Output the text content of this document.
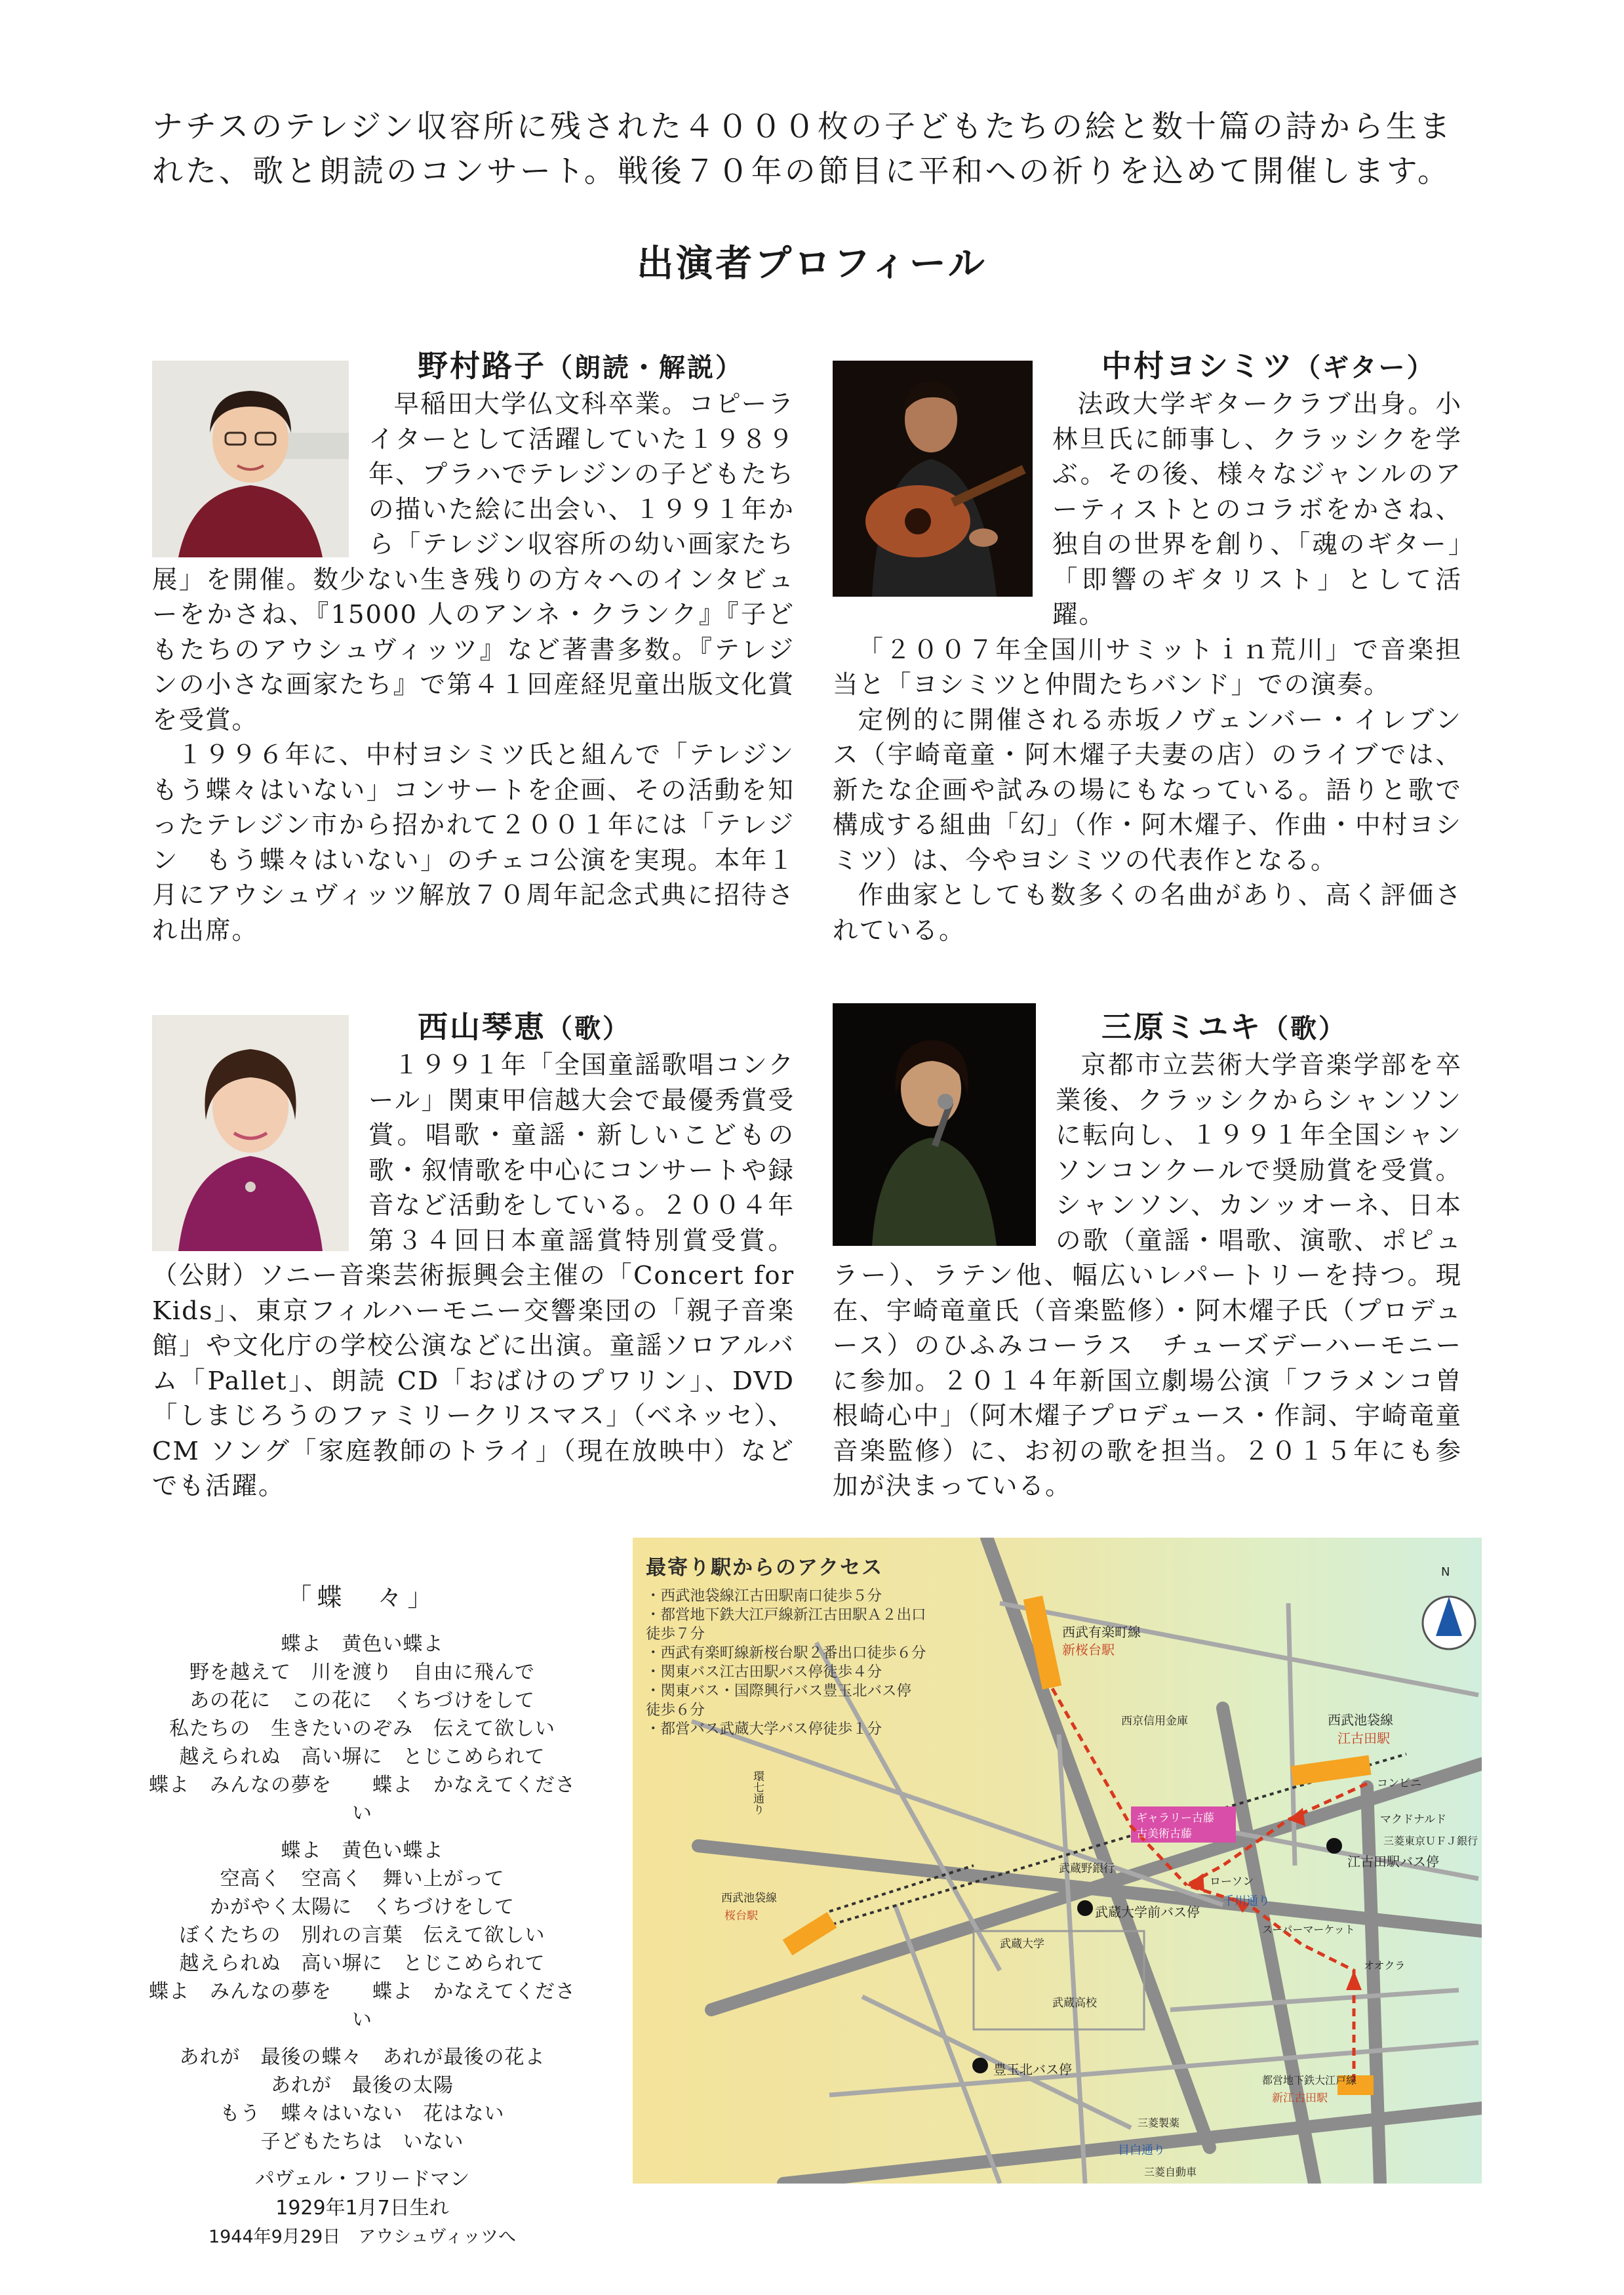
ナチスのテレジン収容所に残された４０００枚の子どもたちの絵と数十篇の詩から生まれた、歌と朗読のコンサート。戦後７０年の節目に平和への祈りを込めて開催します。

出演者プロフィール
野村路子（朗読・解説）
早稲田大学仏文科卒業。コピーライターとして活躍していた１９８９年、プラハでテレジンの子どもたちの描いた絵に出会い、１９９１年から「テレジン収容所の幼い画家たち展」を開催。数少ない生き残りの方々へのインタビューをかさね、『15000 人のアンネ・クランク』『子どもたちのアウシュヴィッツ』など著書多数。『テレジンの小さな画家たち』で第４１回産経児童出版文化賞を受賞。
１９９６年に、中村ヨシミツ氏と組んで「テレジン もう蝶々はいない」コンサートを企画、その活動を知ったテレジン市から招かれて２００１年には「テレジン　もう蝶々はいない」のチェコ公演を実現。本年１月にアウシュヴィッツ解放７０周年記念式典に招待され出席。
中村ヨシミツ（ギター）
法政大学ギタークラブ出身。小林旦氏に師事し、クラッシクを学ぶ。その後、様々なジャンルのアーティストとのコラボをかさね、独自の世界を創り、「魂のギター」「即響のギタリスト」として活躍。
「２００７年全国川サミットｉｎ荒川」で音楽担当と「ヨシミツと仲間たちバンド」での演奏。
定例的に開催される赤坂ノヴェンバー・イレブンス（宇崎竜童・阿木燿子夫妻の店）のライブでは、新たな企画や試みの場にもなっている。語りと歌で構成する組曲「幻」（作・阿木燿子、作曲・中村ヨシミツ）は、今やヨシミツの代表作となる。
作曲家としても数多くの名曲があり、高く評価されている。
西山琴恵（歌）
１９９１年「全国童謡歌唱コンクール」関東甲信越大会で最優秀賞受賞。唱歌・童謡・新しいこどもの歌・叙情歌を中心にコンサートや録音など活動をしている。２００４年 第３４回日本童謡賞特別賞受賞。（公財）ソニー音楽芸術振興会主催の「Concert for Kids」、東京フィルハーモニー交響楽団の「親子音楽館」や文化庁の学校公演などに出演。童謡ソロアルバム「Pallet」、朗読 CD「おばけのプワリン」、DVD「しまじろうのファミリークリスマス」（ベネッセ）、CM ソング「家庭教師のトライ」（現在放映中）などでも活躍。
三原ミユキ（歌）
京都市立芸術大学音楽学部を卒業後、クラッシクからシャンソンに転向し、１９９１年全国シャンソンコンクールで奨励賞を受賞。シャンソン、カンッオーネ、日本の歌（童謡・唱歌、演歌、ポピュラー）、ラテン他、幅広いレパートリーを持つ。現在、宇崎竜童氏（音楽監修）・阿木燿子氏（プロデュース）のひふみコーラス　チューズデーハーモニーに参加。２０１４年新国立劇場公演「フラメンコ曽根崎心中」（阿木燿子プロデュース・作詞、宇崎竜童音楽監修）に、お初の歌を担当。２０１５年にも参加が決まっている。
「蝶　々」
蝶よ　黄色い蝶よ
野を越えて　川を渡り　自由に飛んで
あの花に　この花に　くちづけをして
私たちの　生きたいのぞみ　伝えて欲しい
越えられぬ　高い塀に　とじこめられて
蝶よ　みんなの夢を　　蝶よ　かなえてください
蝶よ　黄色い蝶よ
空高く　空高く　舞い上がって
かがやく太陽に　くちづけをして
ぼくたちの　別れの言葉　伝えて欲しい
越えられぬ　高い塀に　とじこめられて
蝶よ　みんなの夢を　　蝶よ　かなえてください
あれが　最後の蝶々　あれが最後の花よ
あれが　最後の太陽
もう　蝶々はいない　花はない
子どもたちは　いない
パヴェル・フリードマン
1929年1月7日生れ
1944年9月29日　アウシュヴィッツへ
最寄り駅からのアクセス
・ 西武池袋線江古田駅南口徒歩５分
・ 都営地下鉄大江戸線新江古田駅Ａ２出口
徒歩７分
・ 西武有楽町線新桜台駅２番出口徒歩６分
・ 関東バス江古田駅バス停徒歩４分
・ 関東バス・国際興行バス豊玉北バス停
徒歩６分
・ 都営バス武蔵大学バス停徒歩１分
N
西武有楽町線
新桜台駅
西京信用金庫	西武池袋線
江古田駅
コンビニ
マクドナルド
ギャラリー古藤
古美術古藤
三菱東京ＵＦＪ銀行
江古田駅バス停
武蔵野銀行
ローソン
千川通り
武蔵大学前バス停
武蔵大学
武蔵高校
スーパーマーケット
オオクラ
西武池袋線
桜台駅
環七通り
豊玉北バス停
都営地下鉄大江戸線
新江古田駅
三菱製薬
目白通り
三菱自動車
